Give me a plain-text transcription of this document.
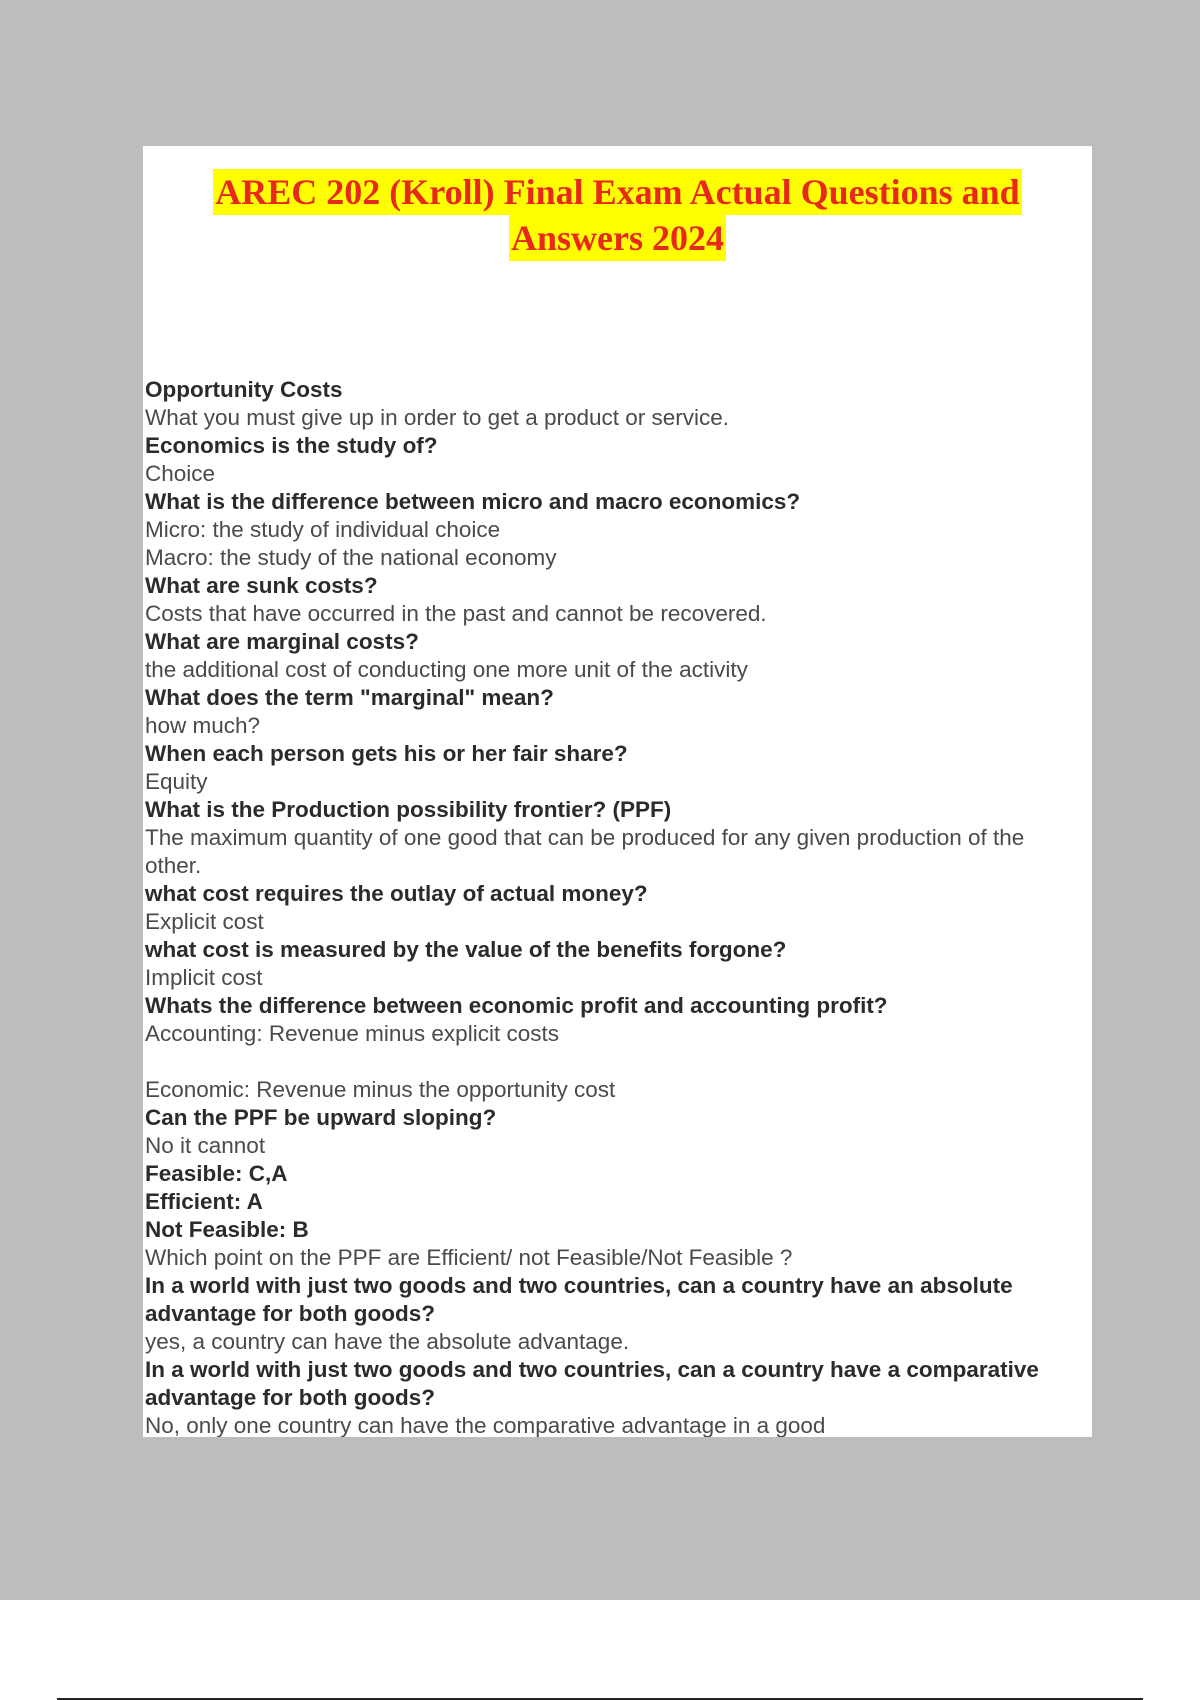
AREC 202 (Kroll) Final Exam Actual Questions and
Answers 2024
Opportunity Costs
What you must give up in order to get a product or service.
Economics is the study of?
Choice
What is the difference between micro and macro economics?
Micro: the study of individual choice
Macro: the study of the national economy
What are sunk costs?
Costs that have occurred in the past and cannot be recovered.
What are marginal costs?
the additional cost of conducting one more unit of the activity
What does the term "marginal" mean?
how much?
When each person gets his or her fair share?
Equity
What is the Production possibility frontier? (PPF)
The maximum quantity of one good that can be produced for any given production of the other.
what cost requires the outlay of actual money?
Explicit cost
what cost is measured by the value of the benefits forgone?
Implicit cost
Whats the difference between economic profit and accounting profit?
Accounting: Revenue minus explicit costs
Economic: Revenue minus the opportunity cost
Can the PPF be upward sloping?
No it cannot
Feasible: C,A
Efficient: A
Not Feasible: B
Which point on the PPF are Efficient/ not Feasible/Not Feasible ?
In a world with just two goods and two countries, can a country have an absolute advantage for both goods?
yes, a country can have the absolute advantage.
In a world with just two goods and two countries, can a country have a comparative advantage for both goods?
No, only one country can have the comparative advantage in a good
